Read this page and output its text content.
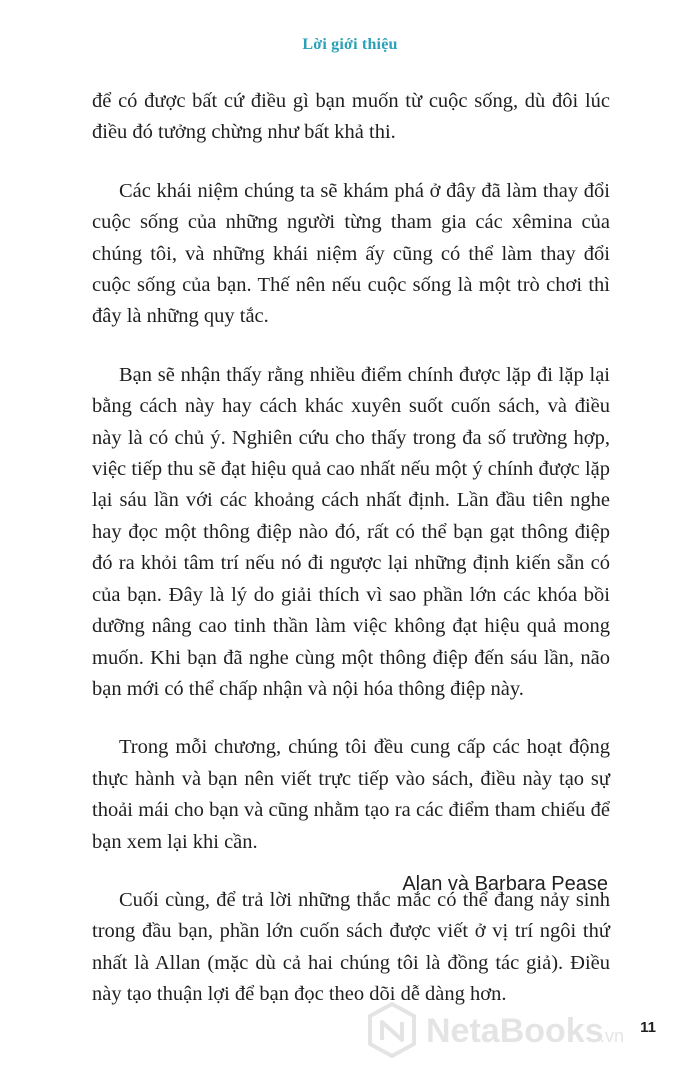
Lời giới thiệu

để có được bất cứ điều gì bạn muốn từ cuộc sống, dù đôi lúc điều đó tưởng chừng như bất khả thi.

Các khái niệm chúng ta sẽ khám phá ở đây đã làm thay đổi cuộc sống của những người từng tham gia các xêmina của chúng tôi, và những khái niệm ấy cũng có thể làm thay đổi cuộc sống của bạn. Thế nên nếu cuộc sống là một trò chơi thì đây là những quy tắc.

Bạn sẽ nhận thấy rằng nhiều điểm chính được lặp đi lặp lại bằng cách này hay cách khác xuyên suốt cuốn sách, và điều này là có chủ ý. Nghiên cứu cho thấy trong đa số trường hợp, việc tiếp thu sẽ đạt hiệu quả cao nhất nếu một ý chính được lặp lại sáu lần với các khoảng cách nhất định. Lần đầu tiên nghe hay đọc một thông điệp nào đó, rất có thể bạn gạt thông điệp đó ra khỏi tâm trí nếu nó đi ngược lại những định kiến sẵn có của bạn. Đây là lý do giải thích vì sao phần lớn các khóa bồi dưỡng nâng cao tinh thần làm việc không đạt hiệu quả mong muốn. Khi bạn đã nghe cùng một thông điệp đến sáu lần, não bạn mới có thể chấp nhận và nội hóa thông điệp này.

Trong mỗi chương, chúng tôi đều cung cấp các hoạt động thực hành và bạn nên viết trực tiếp vào sách, điều này tạo sự thoải mái cho bạn và cũng nhằm tạo ra các điểm tham chiếu để bạn xem lại khi cần.

Cuối cùng, để trả lời những thắc mắc có thể đang nảy sinh trong đầu bạn, phần lớn cuốn sách được viết ở vị trí ngôi thứ nhất là Allan (mặc dù cả hai chúng tôi là đồng tác giả). Điều này tạo thuận lợi để bạn đọc theo dõi dễ dàng hơn.

Alan và Barbara Pease
NetaBooks
.vn 11
